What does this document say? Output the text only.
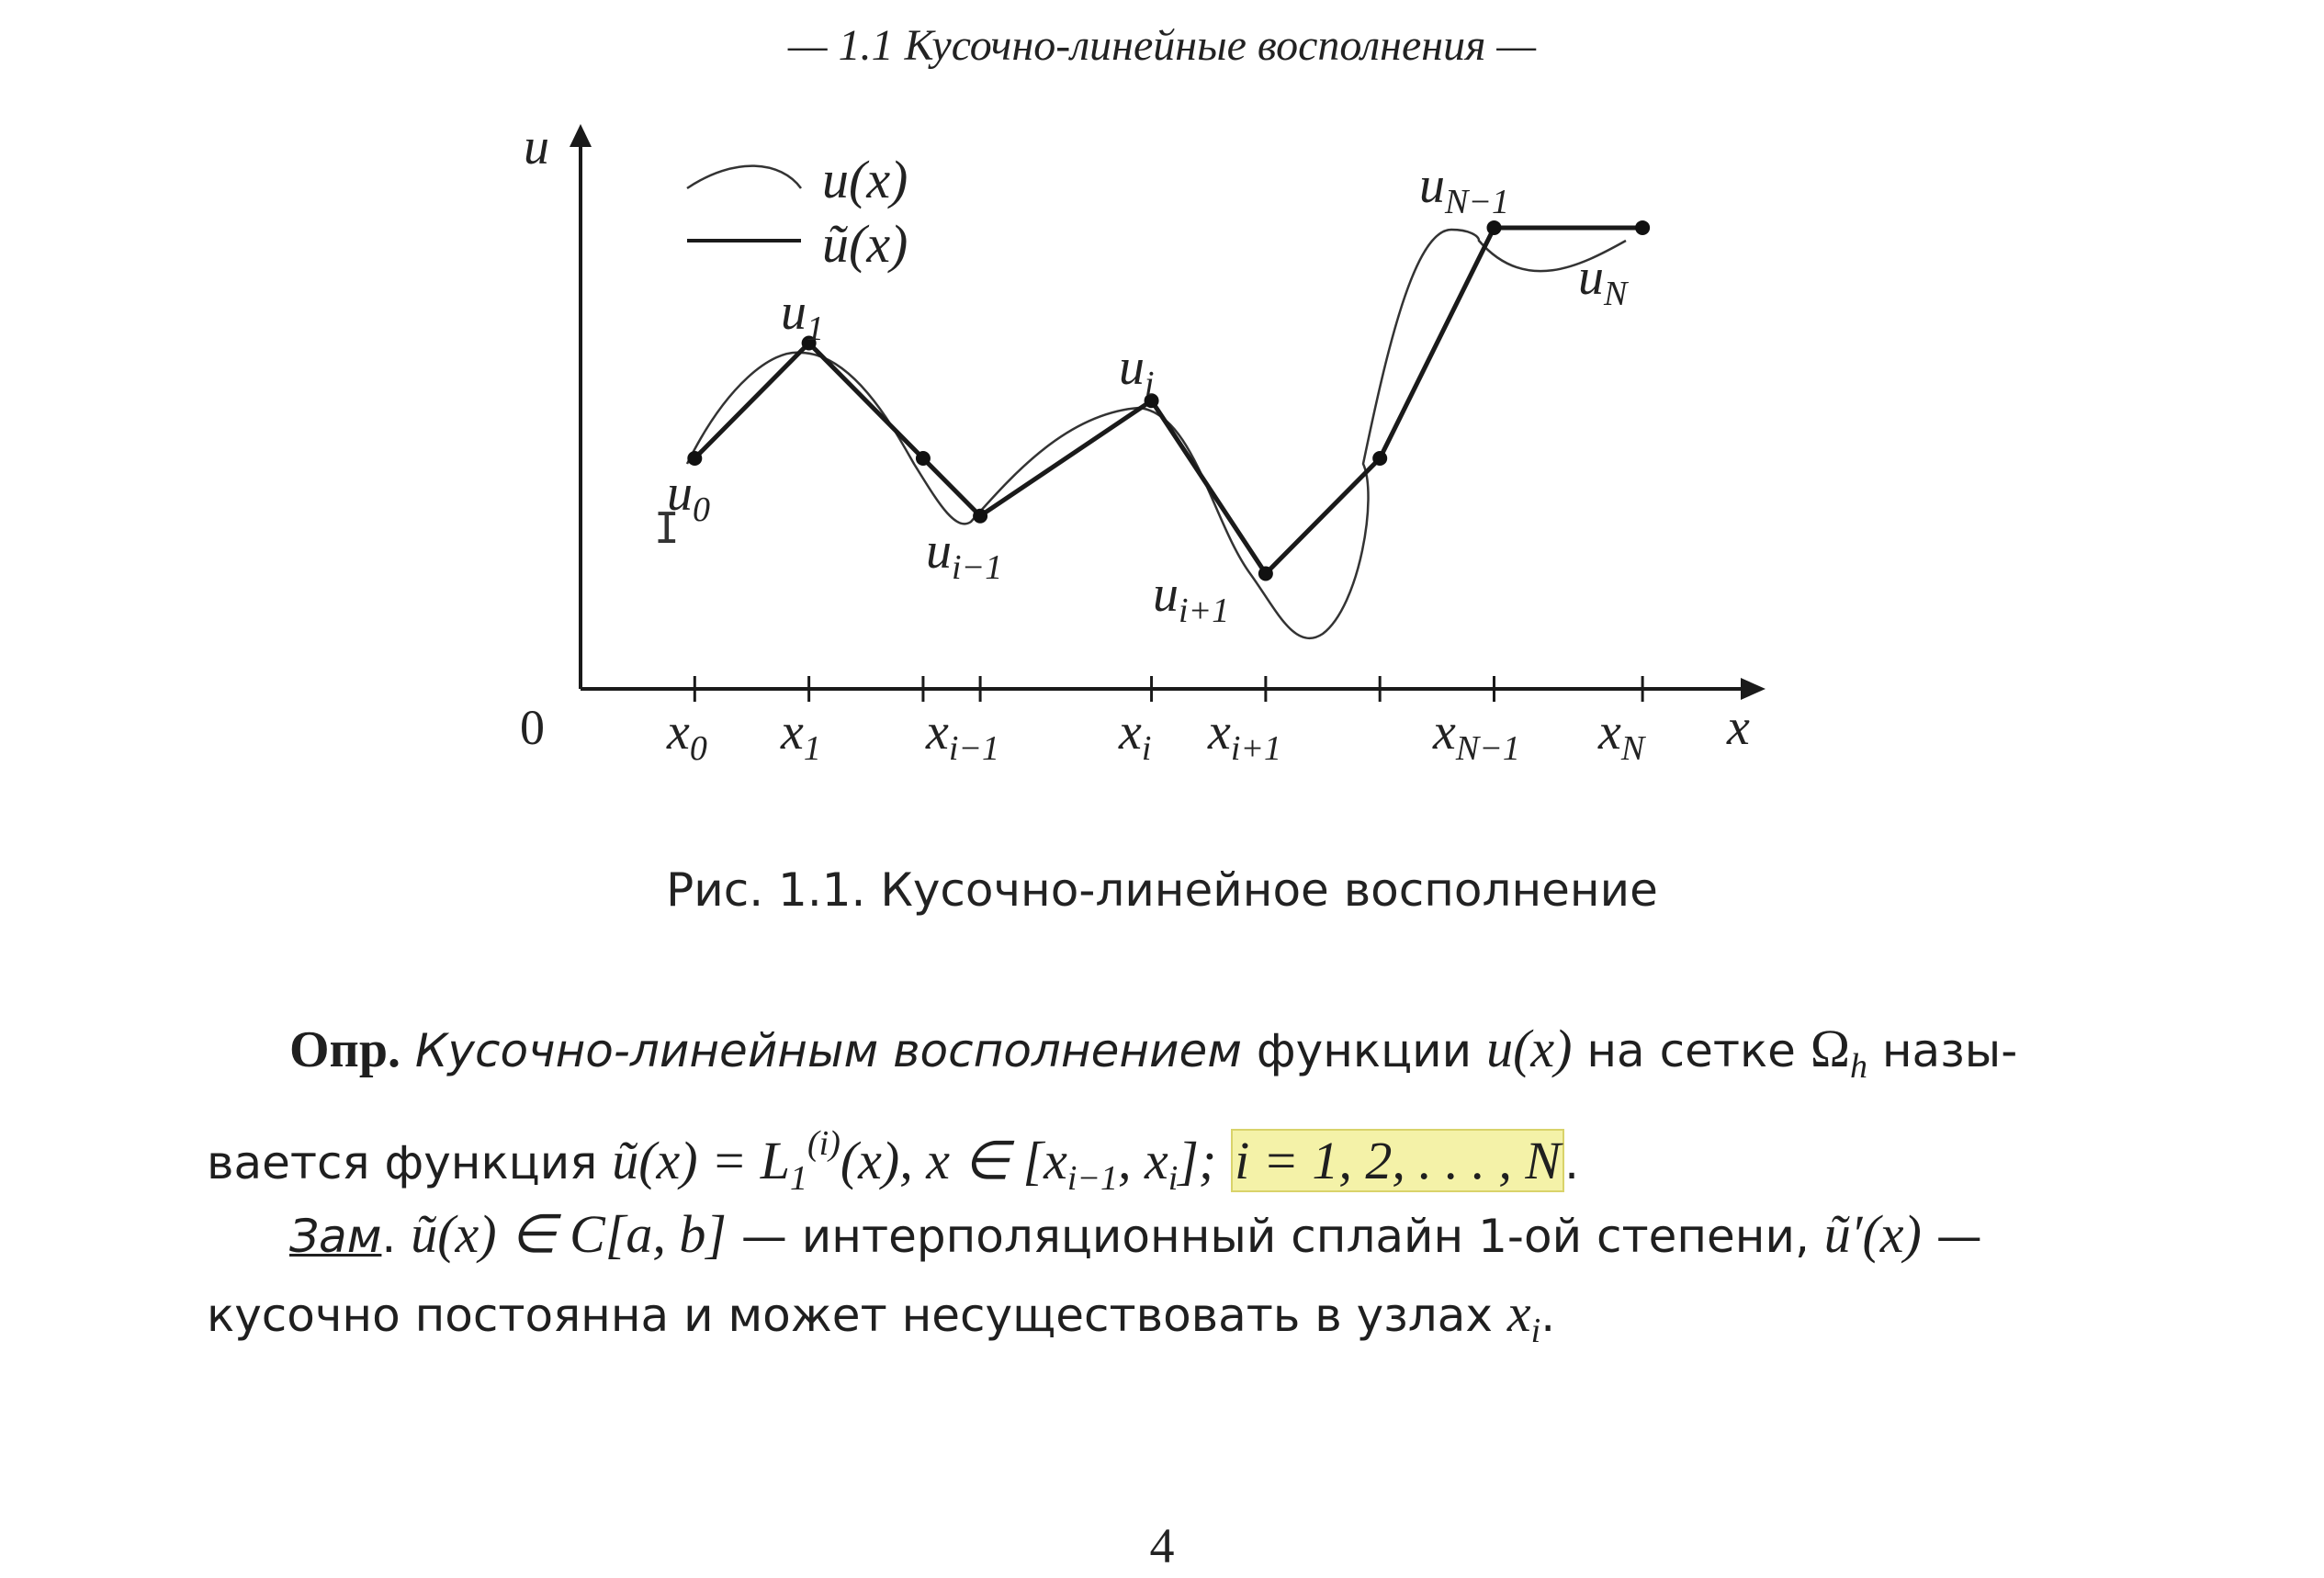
— 1.1 Кусочно-линейные восполнения —
u
x
0
u(x)
ũ(x)
$x_0$ $x_1$ $x_{i-1}$ $x_i$ $x_{i+1}$	$x_{N-1}$ $x_N$
$u_0$
$u_1$
$u_{i-1}$
$u_i$
$u_{i+1}$
$u_{N-1}$
$u_N$
I
Рис. 1.1. Кусочно-линейное восполнение
Опр. Кусочно-линейным восполнением функции u(x) на сетке $\Omega_h$ назы-
вается функция ũ(x) = $L_1^{(i)}(x)$, x ∈ [$x_{i-1}$, $x_i$]; i = 1, 2, . . . , N.
Зам. ũ(x) ∈ C[a, b] — интерполяционный сплайн 1-ой степени, ũ′(x) —
кусочно постоянна и может несуществовать в узлах $x_i$.
4
